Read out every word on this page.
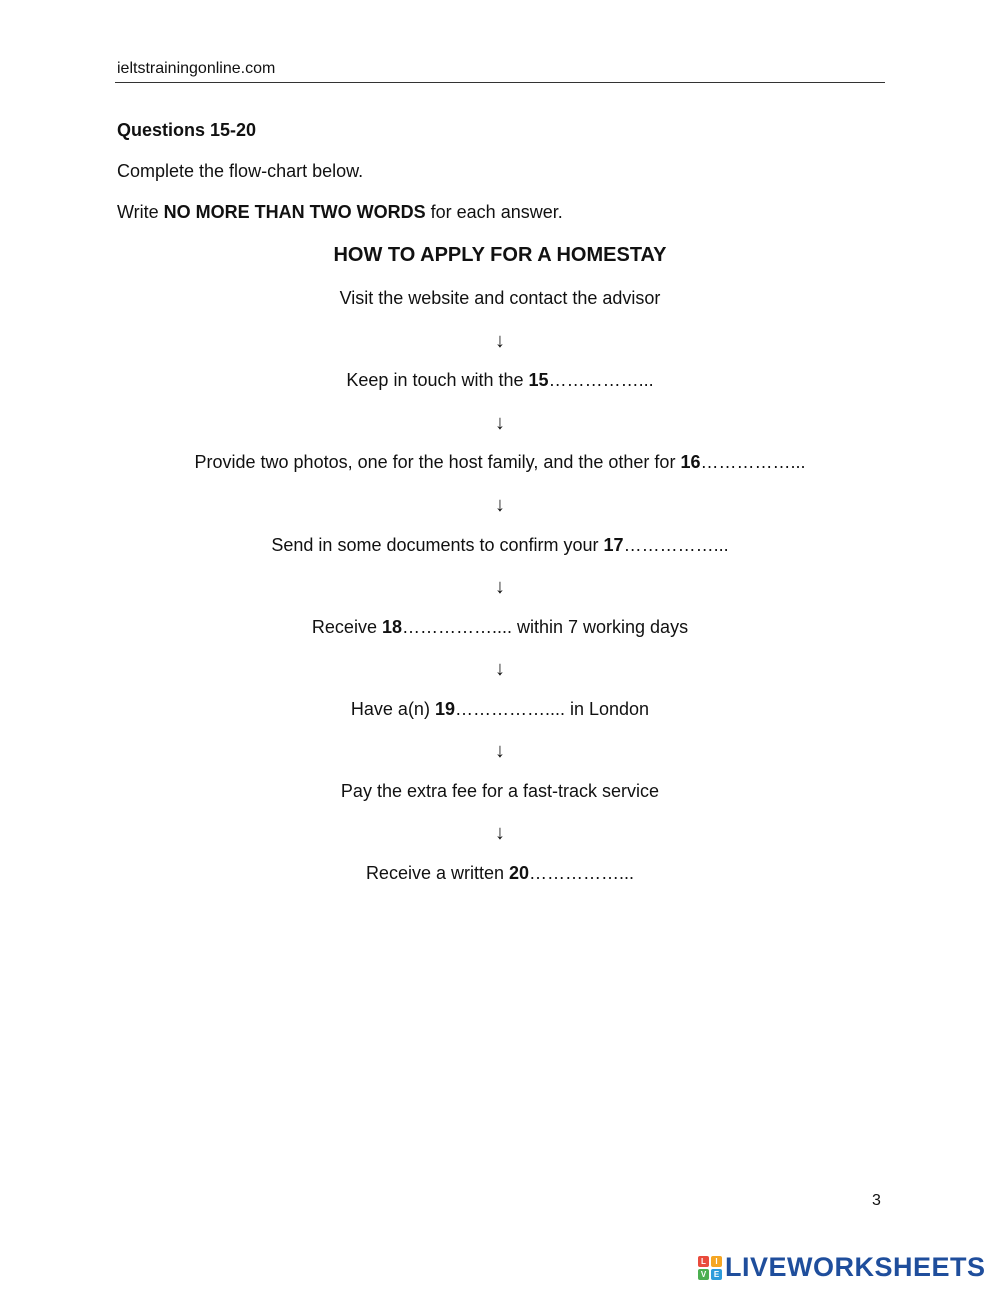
ieltstrainingonline.com
Questions 15-20
Complete the flow-chart below.
Write NO MORE THAN TWO WORDS for each answer.
HOW TO APPLY FOR A HOMESTAY
Visit the website and contact the advisor
↓
Keep in touch with the 15……………...
↓
Provide two photos, one for the host family, and the other for 16……………...
↓
Send in some documents to confirm your 17……………...
↓
Receive 18…………….... within 7 working days
↓
Have a(n) 19…………….... in London
↓
Pay the extra fee for a fast-track service
↓
Receive a written 20……………...
3
L	I
V E LIVEWORKSHEETS
